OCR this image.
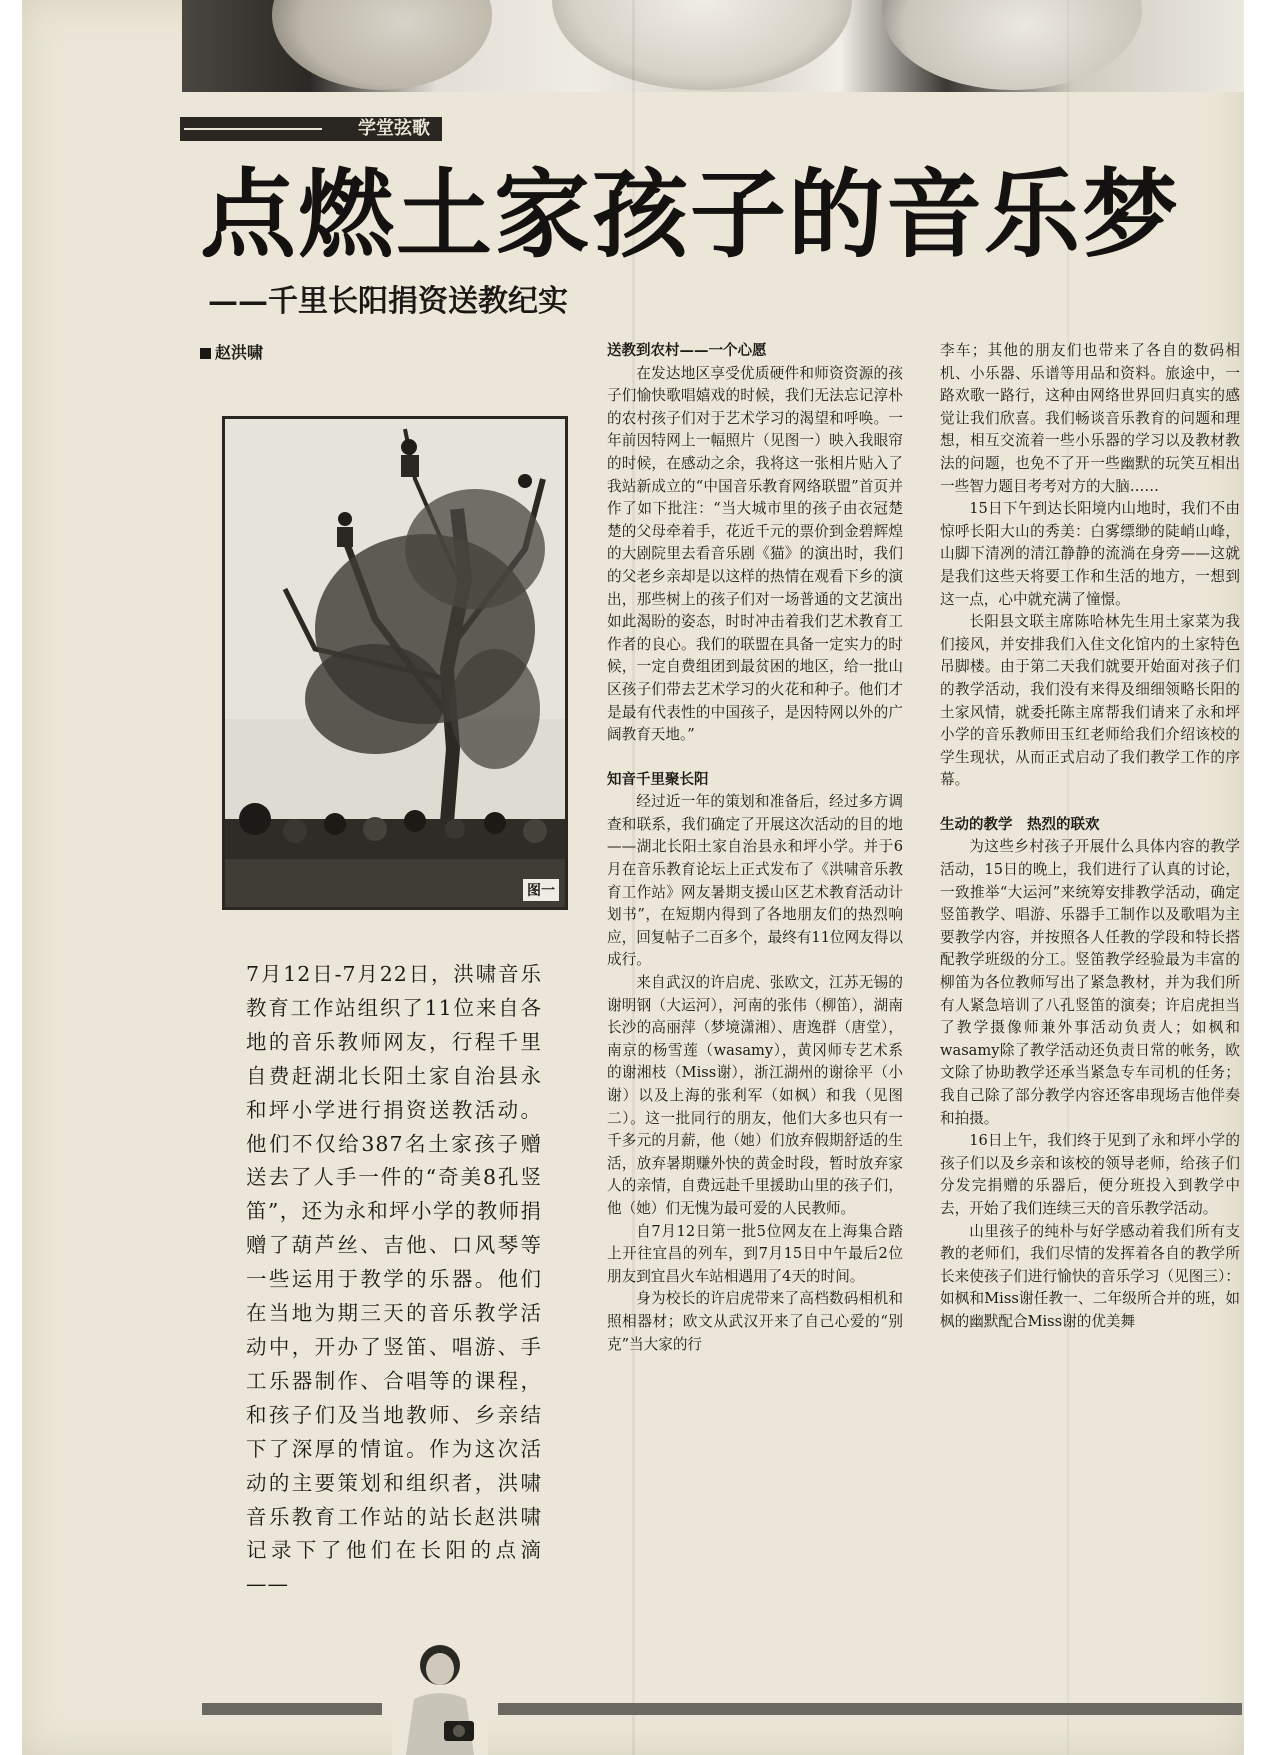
学堂弦歌
点燃土家孩子的音乐梦
——千里长阳捐资送教纪实
赵洪啸
图一
7月12日-7月22日，洪啸音乐教育工作站组织了11位来自各地的音乐教师网友，行程千里自费赶湖北长阳土家自治县永和坪小学进行捐资送教活动。他们不仅给387名土家孩子赠送去了人手一件的“奇美8孔竖笛”，还为永和坪小学的教师捐赠了葫芦丝、吉他、口风琴等一些运用于教学的乐器。他们在当地为期三天的音乐教学活动中，开办了竖笛、唱游、手工乐器制作、合唱等的课程，和孩子们及当地教师、乡亲结下了深厚的情谊。作为这次活动的主要策划和组织者，洪啸音乐教育工作站的站长赵洪啸记录下了他们在长阳的点滴——
送教到农村——一个心愿

在发达地区享受优质硬件和师资资源的孩子们愉快歌唱嬉戏的时候，我们无法忘记淳朴的农村孩子们对于艺术学习的渴望和呼唤。一年前因特网上一幅照片（见图一）映入我眼帘的时候，在感动之余，我将这一张相片贴入了我站新成立的“中国音乐教育网络联盟”首页并作了如下批注：“当大城市里的孩子由衣冠楚楚的父母牵着手，花近千元的票价到金碧辉煌的大剧院里去看音乐剧《猫》的演出时，我们的父老乡亲却是以这样的热情在观看下乡的演出，那些树上的孩子们对一场普通的文艺演出如此渴盼的姿态，时时冲击着我们艺术教育工作者的良心。我们的联盟在具备一定实力的时候，一定自费组团到最贫困的地区，给一批山区孩子们带去艺术学习的火花和种子。他们才是最有代表性的中国孩子，是因特网以外的广阔教育天地。”

知音千里聚长阳

经过近一年的策划和准备后，经过多方调查和联系，我们确定了开展这次活动的目的地——湖北长阳土家自治县永和坪小学。并于6月在音乐教育论坛上正式发布了《洪啸音乐教育工作站》网友暑期支援山区艺术教育活动计划书”，在短期内得到了各地朋友们的热烈响应，回复帖子二百多个，最终有11位网友得以成行。

来自武汉的许启虎、张欧文，江苏无锡的谢明钢（大运河），河南的张伟（柳笛），湖南长沙的高丽萍（梦境潇湘）、唐逸群（唐堂），南京的杨雪莲（wasamy），黄冈师专艺术系的谢湘枝（Miss谢），浙江湖州的谢徐平（小谢）以及上海的张利军（如枫）和我（见图二）。这一批同行的朋友，他们大多也只有一千多元的月薪，他（她）们放弃假期舒适的生活，放弃暑期赚外快的黄金时段，暂时放弃家人的亲情，自费远赴千里援助山里的孩子们，他（她）们无愧为最可爱的人民教师。

自7月12日第一批5位网友在上海集合踏上开往宜昌的列车，到7月15日中午最后2位朋友到宜昌火车站相遇用了4天的时间。

身为校长的许启虎带来了高档数码相机和照相器材；欧文从武汉开来了自己心爱的“别克”当大家的行

李车；其他的朋友们也带来了各自的数码相机、小乐器、乐谱等用品和资料。旅途中，一路欢歌一路行，这种由网络世界回归真实的感觉让我们欣喜。我们畅谈音乐教育的问题和理想，相互交流着一些小乐器的学习以及教材教法的问题，也免不了开一些幽默的玩笑互相出一些智力题目考考对方的大脑……

15日下午到达长阳境内山地时，我们不由惊呼长阳大山的秀美：白雾缥缈的陡峭山峰，山脚下清冽的清江静静的流淌在身旁——这就是我们这些天将要工作和生活的地方，一想到这一点，心中就充满了憧憬。

长阳县文联主席陈哈林先生用土家菜为我们接风，并安排我们入住文化馆内的土家特色吊脚楼。由于第二天我们就要开始面对孩子们的教学活动，我们没有来得及细细领略长阳的土家风情，就委托陈主席帮我们请来了永和坪小学的音乐教师田玉红老师给我们介绍该校的学生现状，从而正式启动了我们教学工作的序幕。

生动的教学　热烈的联欢

为这些乡村孩子开展什么具体内容的教学活动，15日的晚上，我们进行了认真的讨论，一致推举“大运河”来统筹安排教学活动，确定竖笛教学、唱游、乐器手工制作以及歌唱为主要教学内容，并按照各人任教的学段和特长搭配教学班级的分工。竖笛教学经验最为丰富的柳笛为各位教师写出了紧急教材，并为我们所有人紧急培训了八孔竖笛的演奏；许启虎担当了教学摄像师兼外事活动负责人；如枫和wasamy除了教学活动还负责日常的帐务，欧文除了协助教学还承当紧急专车司机的任务；我自己除了部分教学内容还客串现场吉他伴奏和拍摄。

16日上午，我们终于见到了永和坪小学的孩子们以及乡亲和该校的领导老师，给孩子们分发完捐赠的乐器后，便分班投入到教学中去，开始了我们连续三天的音乐教学活动。

山里孩子的纯朴与好学感动着我们所有支教的老师们，我们尽情的发挥着各自的教学所长来使孩子们进行愉快的音乐学习（见图三）：如枫和Miss谢任教一、二年级所合并的班，如枫的幽默配合Miss谢的优美舞
